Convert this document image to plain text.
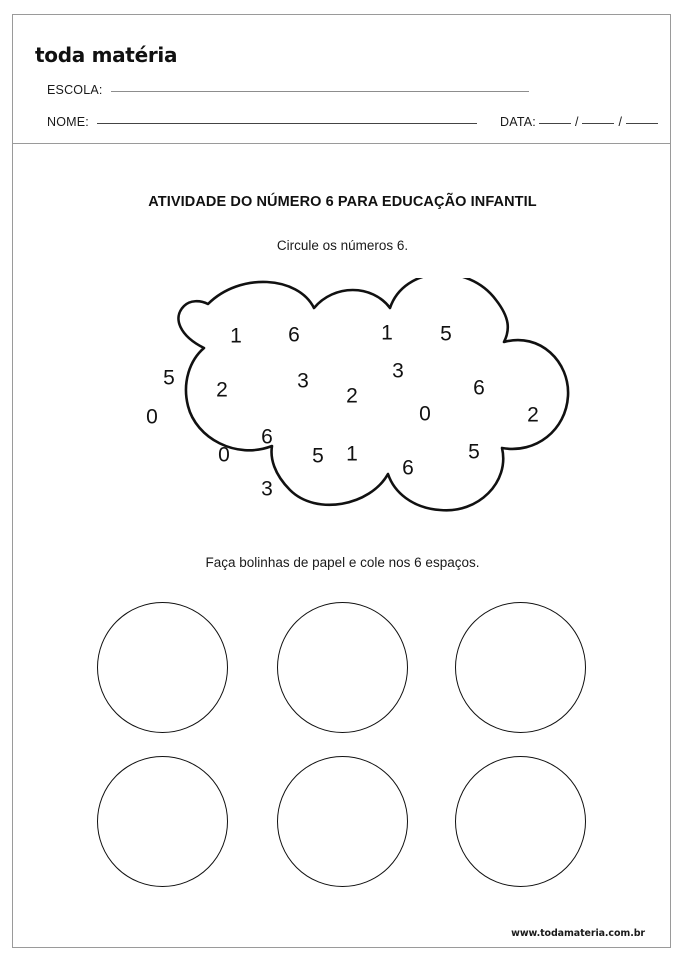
toda matéria
ESCOLA:
NOME:	DATA:	/	/
ATIVIDADE DO NÚMERO 6 PARA EDUCAÇÃO INFANTIL
Circule os números 6.
1 6	1 5
5
2	3	3
2	6
0	0	2
6
0	5 1	5
6
3
Faça bolinhas de papel e cole nos 6 espaços.
www.todamateria.com.br
